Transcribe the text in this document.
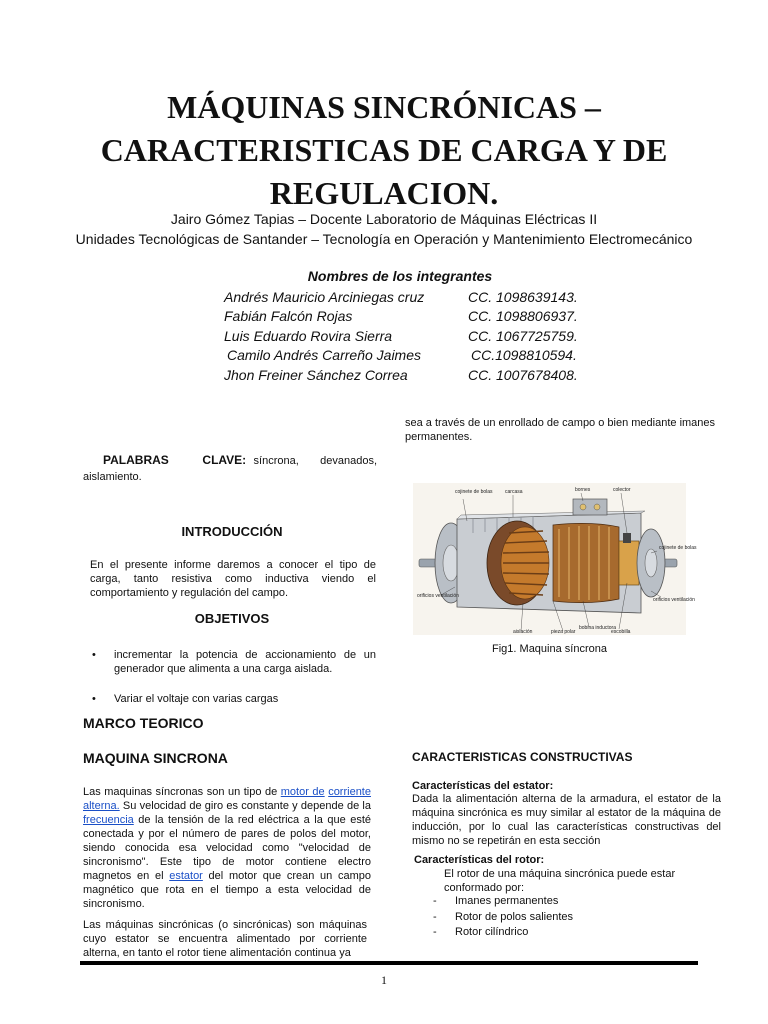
MÁQUINAS SINCRÓNICAS –
CARACTERISTICAS DE CARGA Y DE
REGULACION.
Jairo Gómez Tapias – Docente Laboratorio de Máquinas Eléctricas II
Unidades Tecnológicas de Santander – Tecnología en Operación y Mantenimiento Electromecánico
Nombres de los integrantes
Andrés Mauricio Arciniegas cruz	CC. 1098639143.
Fabián Falcón Rojas	CC. 1098806937.
Luis Eduardo Rovira Sierra	CC. 1067725759.
Camilo Andrés Carreño Jaimes	CC.1098810594.
Jhon Freiner Sánchez Correa	CC. 1007678408.
PALABRAS CLAVE: síncrona, devanados, aislamiento.
INTRODUCCIÓN
En el presente informe daremos a conocer el tipo de carga, tanto resistiva como inductiva viendo el comportamiento y regulación del campo.
OBJETIVOS
• incrementar la potencia de accionamiento de un generador que alimenta a una carga aislada.
• Variar el voltaje con varias cargas
MARCO TEORICO
MAQUINA SINCRONA
Las maquinas síncronas son un tipo de motor de corriente alterna. Su velocidad de giro es constante y depende de la frecuencia de la tensión de la red eléctrica a la que esté conectada y por el número de pares de polos del motor, siendo conocida esa velocidad como "velocidad de sincronismo". Este tipo de motor contiene electro magnetos en el estator del motor que crean un campo magnético que rota en el tiempo a esta velocidad de sincronismo.
Las máquinas sincrónicas (o sincrónicas) son máquinas cuyo estator se encuentra alimentado por corriente alterna, en tanto el rotor tiene alimentación continua ya
sea a través de un enrollado de campo o bien mediante imanes permanentes.
cojinete de bolas carcasa	bornes	colector
cojinete de bolas
orificios ventilación
orificios ventilación
aislación	pieza polar
bobina inductora
escobilla
Fig1. Maquina síncrona
CARACTERISTICAS CONSTRUCTIVAS
Características del estator:
Dada la alimentación alterna de la armadura, el estator de la máquina sincrónica es muy similar al estator de la máquina de inducción, por lo cual las características constructivas del mismo no se repetirán en esta sección
Características del rotor:
El rotor de una máquina sincrónica puede estar conformado por:
- Imanes permanentes
- Rotor de polos salientes
- Rotor cilíndrico
1
